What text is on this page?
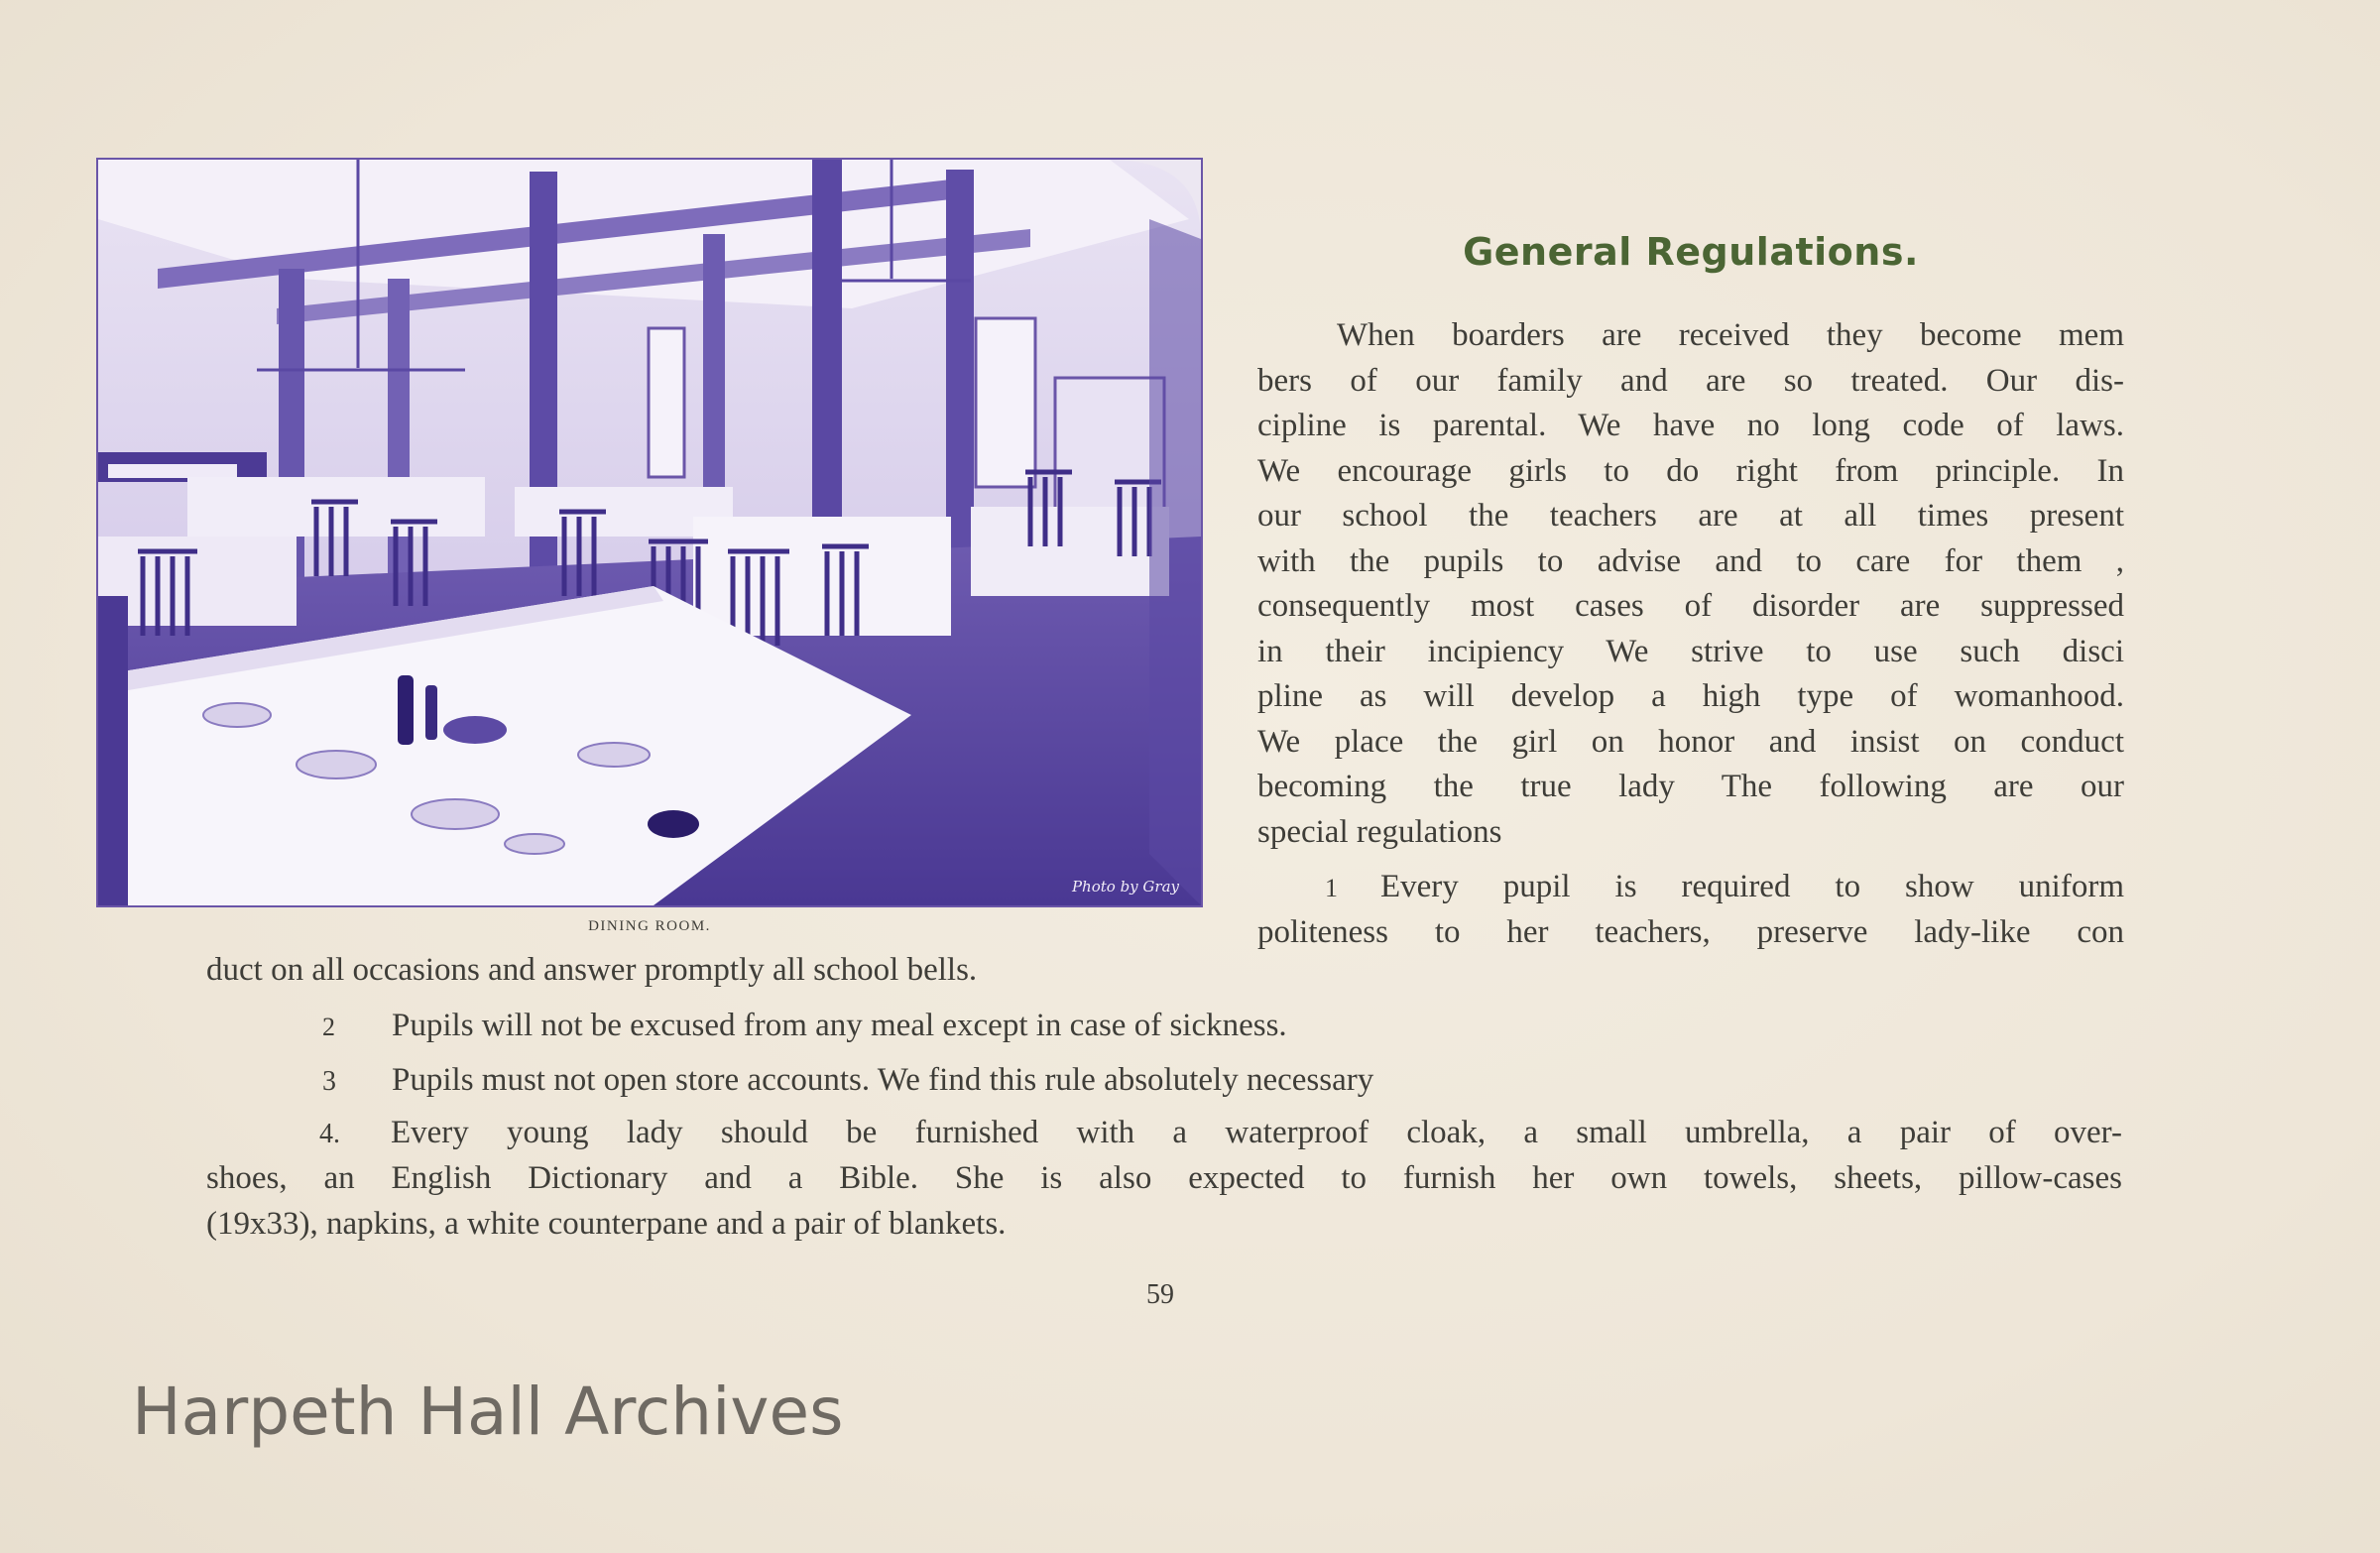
Photo by Gray
DINING ROOM.
General Regulations.
When boarders are received they become mem
bers of our family and are so treated. Our dis-
cipline is parental. We have no long code of laws.
We encourage girls to do right from principle. In
our school the teachers are at all times present
with the pupils to advise and to care for them ,
consequently most cases of disorder are suppressed
in their incipiency We strive to use such disci
pline as will develop a high type of womanhood.
We place the girl on honor and insist on conduct
becoming the true lady The following are our
special regulations
1 Every pupil is required to show uniform
politeness to her teachers, preserve lady-like con
duct on all occasions and answer promptly all school bells.
2 Pupils will not be excused from any meal except in case of sickness.
3 Pupils must not open store accounts. We find this rule absolutely necessary
4. Every young lady should be furnished with a waterproof cloak, a small umbrella, a pair of over-
shoes, an English Dictionary and a Bible. She is also expected to furnish her own towels, sheets, pillow-cases
(19x33), napkins, a white counterpane and a pair of blankets.
59
Harpeth Hall Archives
